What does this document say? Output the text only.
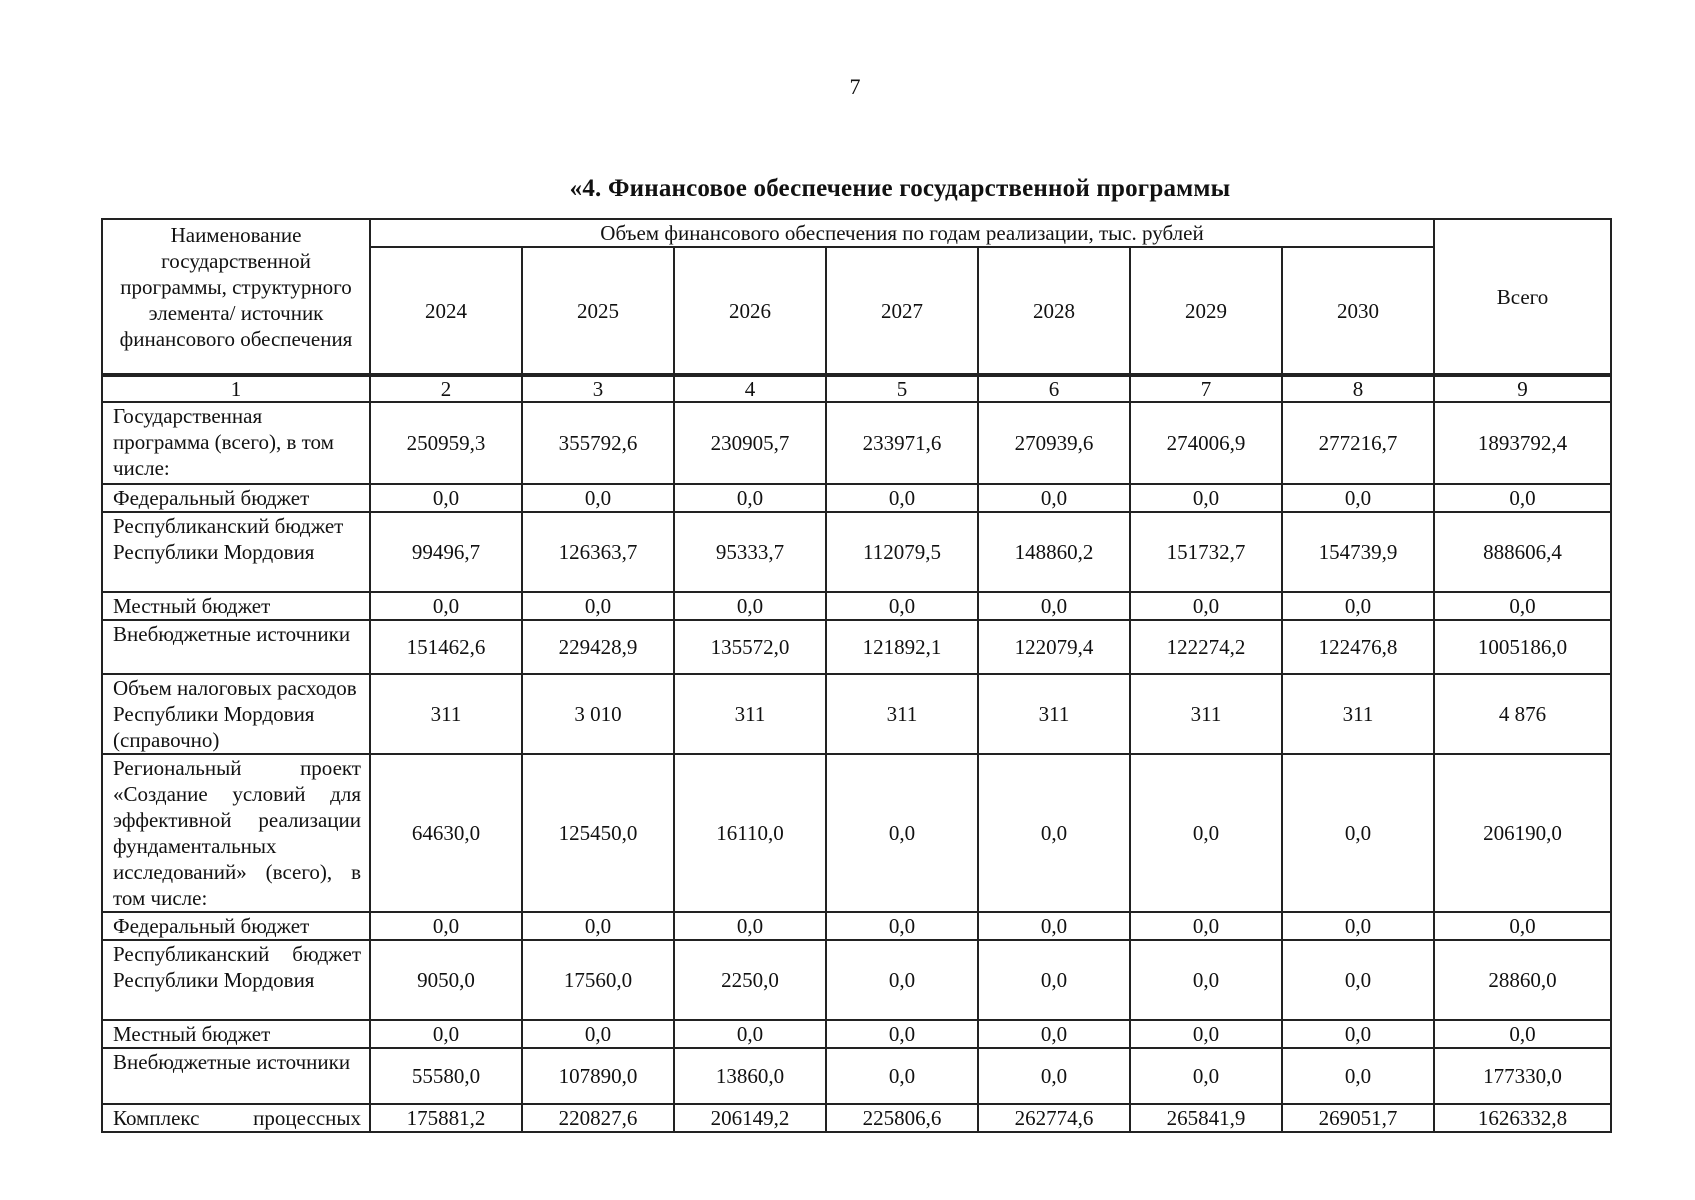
7
«4. Финансовое обеспечение государственной программы
Наименование государственной программы, структурного элемента/ источник финансового обеспечения	Объем финансового обеспечения по годам реализации, тыс. рублей							Всего
	2024	2025	2026	2027	2028	2029	2030	
1	2	3	4	5	6	7	8	9
Государственная программа (всего), в том числе:	250959,3	355792,6	230905,7	233971,6	270939,6	274006,9	277216,7	1893792,4
Федеральный бюджет	0,0	0,0	0,0	0,0	0,0	0,0	0,0	0,0
Республиканский бюджет Республики Мордовия	99496,7	126363,7	95333,7	112079,5	148860,2	151732,7	154739,9	888606,4
Местный бюджет	0,0	0,0	0,0	0,0	0,0	0,0	0,0	0,0
Внебюджетные источники	151462,6	229428,9	135572,0	121892,1	122079,4	122274,2	122476,8	1005186,0
Объем налоговых расходов Республики Мордовия (справочно)	311	3 010	311	311	311	311	311	4 876
Региональный проект «Создание условий для эффективной реализации фундаментальных исследований» (всего), в том числе:	64630,0	125450,0	16110,0	0,0	0,0	0,0	0,0	206190,0
Федеральный бюджет	0,0	0,0	0,0	0,0	0,0	0,0	0,0	0,0
Республиканский бюджет Республики Мордовия	9050,0	17560,0	2250,0	0,0	0,0	0,0	0,0	28860,0
Местный бюджет	0,0	0,0	0,0	0,0	0,0	0,0	0,0	0,0
Внебюджетные источники	55580,0	107890,0	13860,0	0,0	0,0	0,0	0,0	177330,0
Комплекс процессных	175881,2	220827,6	206149,2	225806,6	262774,6	265841,9	269051,7	1626332,8
